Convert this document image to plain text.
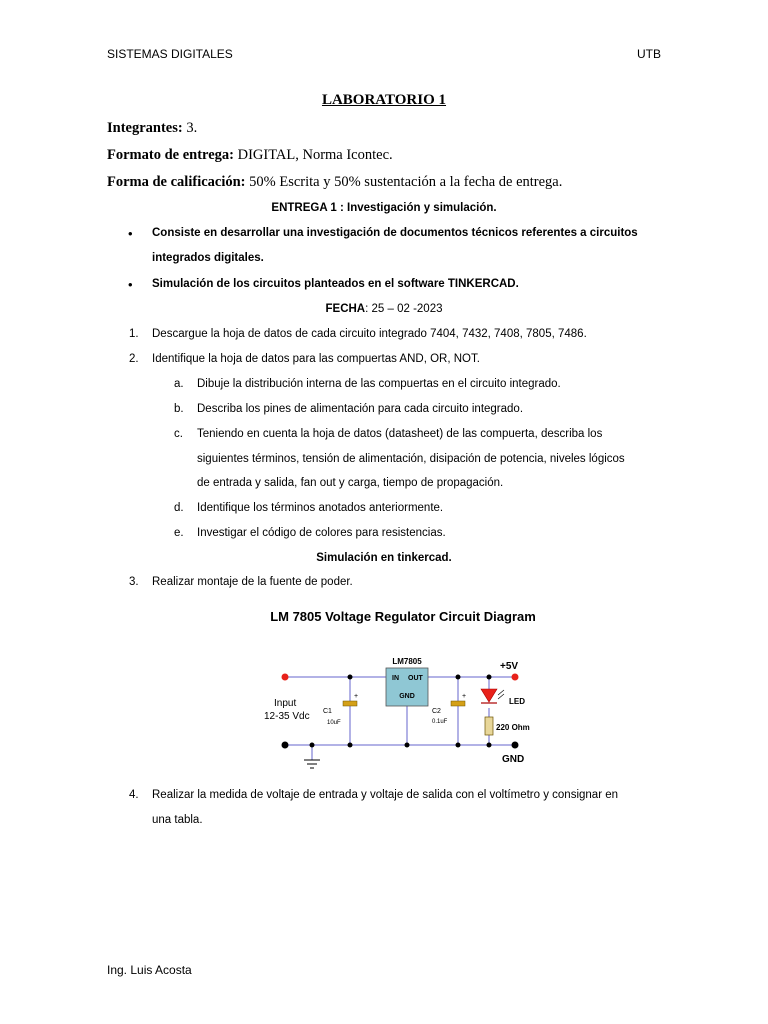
SISTEMAS DIGITALES	UTB
LABORATORIO 1
Integrantes: 3.
Formato de entrega: DIGITAL, Norma Icontec.
Forma de calificación: 50% Escrita y 50% sustentación a la fecha de entrega.
ENTREGA 1 : Investigación y simulación.
• Consiste en desarrollar una investigación de documentos técnicos referentes a circuitos
integrados digitales.
• Simulación de los circuitos planteados en el software TINKERCAD.
FECHA: 25 – 02 -2023
1. Descargue la hoja de datos de cada circuito integrado 7404, 7432, 7408, 7805, 7486.
2. Identifique la hoja de datos para las compuertas AND, OR, NOT.
a. Dibuje la distribución interna de las compuertas en el circuito integrado.
b. Describa los pines de alimentación para cada circuito integrado.
c. Teniendo en cuenta la hoja de datos (datasheet) de las compuerta, describa los
siguientes términos, tensión de alimentación, disipación de potencia, niveles lógicos
de entrada y salida, fan out y carga, tiempo de propagación.
d. Identifique los términos anotados anteriormente.
e. Investigar el código de colores para resistencias.
Simulación en tinkercad.
3. Realizar montaje de la fuente de poder.
LM 7805 Voltage Regulator Circuit Diagram
LM7805
IN OUT
GND
+
C1
10uF
+
C2
0.1uF
LED
220 Ohm
+5V
GND
Input
12-35 Vdc
4. Realizar la medida de voltaje de entrada y voltaje de salida con el voltímetro y consignar en
una tabla.
Ing. Luis Acosta
